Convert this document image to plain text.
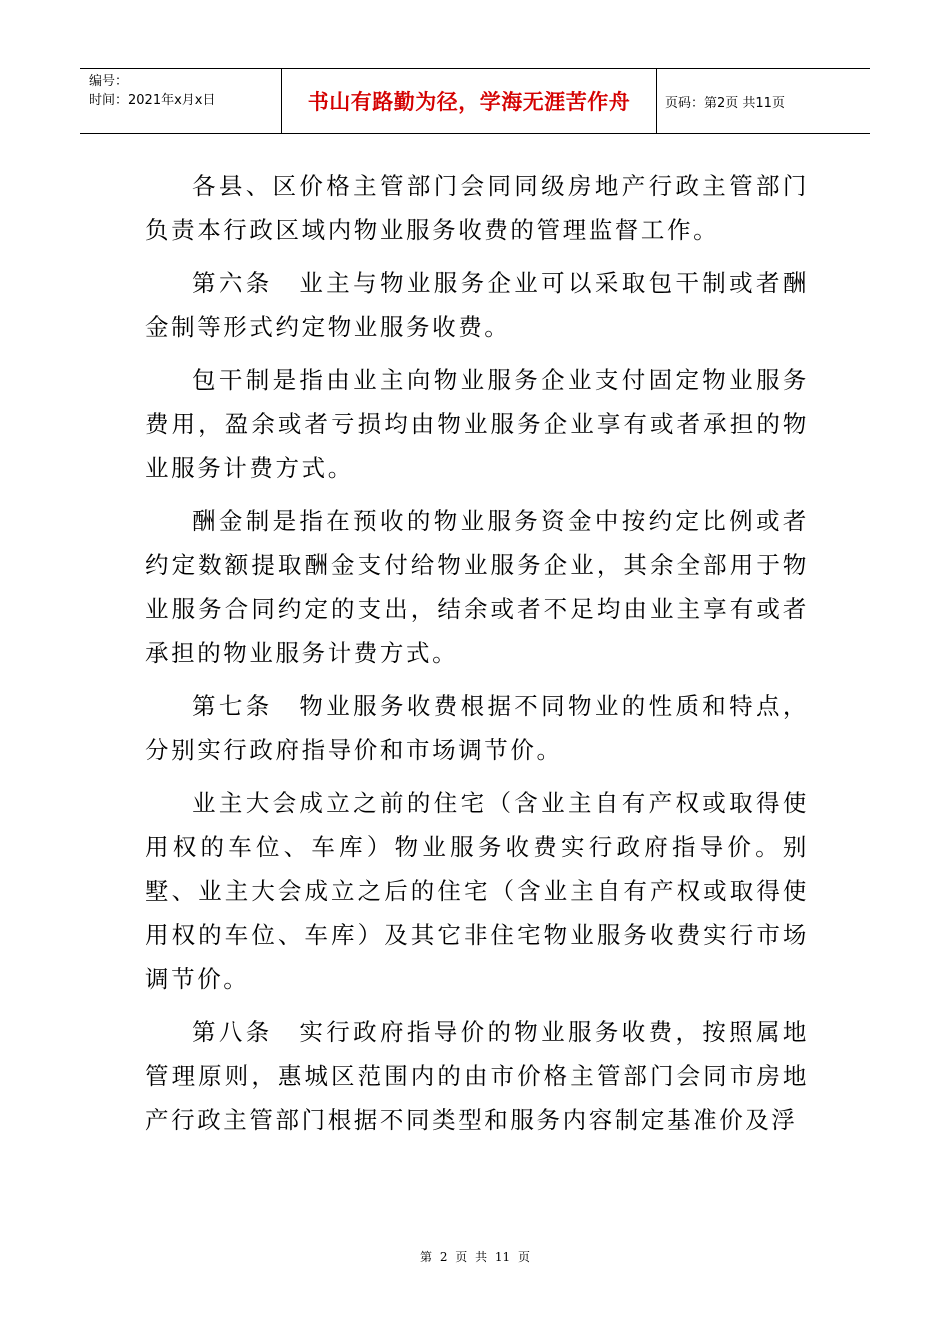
编号：
时间：2021年x月x日	书山有路勤为径，学海无涯苦作舟	页码：第2页 共11页

各县、区价格主管部门会同同级房地产行政主管部门负责本行政区域内物业服务收费的管理监督工作。

第六条　业主与物业服务企业可以采取包干制或者酬金制等形式约定物业服务收费。

包干制是指由业主向物业服务企业支付固定物业服务费用，盈余或者亏损均由物业服务企业享有或者承担的物业服务计费方式。

酬金制是指在预收的物业服务资金中按约定比例或者约定数额提取酬金支付给物业服务企业，其余全部用于物业服务合同约定的支出，结余或者不足均由业主享有或者承担的物业服务计费方式。

第七条　物业服务收费根据不同物业的性质和特点，分别实行政府指导价和市场调节价。

业主大会成立之前的住宅（含业主自有产权或取得使用权的车位、车库）物业服务收费实行政府指导价。别墅、业主大会成立之后的住宅（含业主自有产权或取得使用权的车位、车库）及其它非住宅物业服务收费实行市场调节价。

第八条　实行政府指导价的物业服务收费，按照属地管理原则，惠城区范围内的由市价格主管部门会同市房地产行政主管部门根据不同类型和服务内容制定基准价及浮

第 2 页 共 11 页
